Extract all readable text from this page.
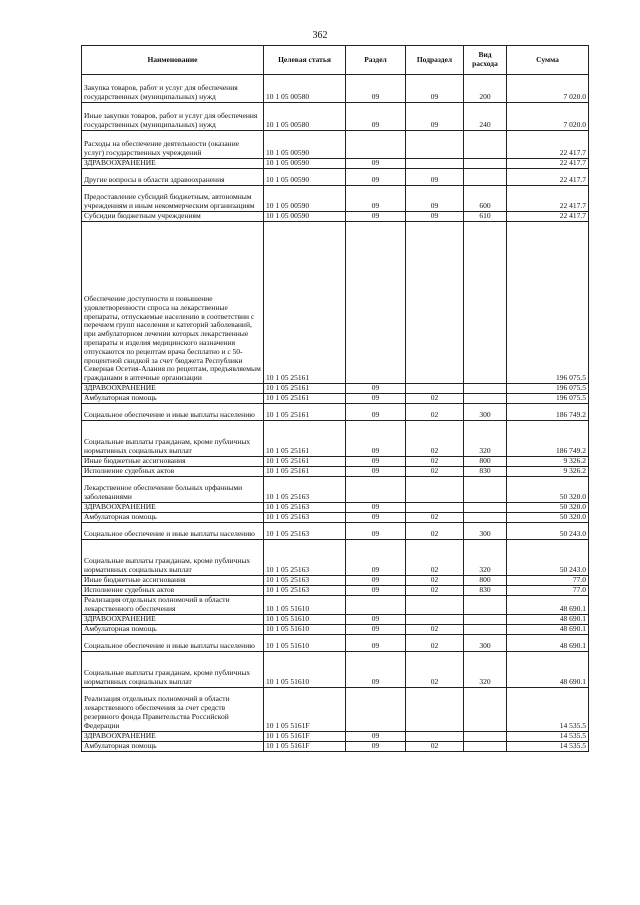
362
Наименование	Целевая статья	Раздел	Подраздел	Вид расхода	Сумма
Закупка товаров, работ и услуг для обеспечения государственных (муниципальных) нужд	10 1 05 00580	09	09	200	7 020.0
Иные закупки товаров, работ и услуг для обеспечения государственных (муниципальных) нужд	10 1 05 00580	09	09	240	7 020.0
Расходы на обеспечение деятельности (оказание услуг) государственных учреждений	10 1 05 00590				22 417.7
ЗДРАВООХРАНЕНИЕ	10 1 05 00590	09			22 417.7
Другие вопросы в области здравоохранения	10 1 05 00590	09	09		22 417.7
Предоставление субсидий бюджетным, автономным учреждениям и иным некоммерческим организациям	10 1 05 00590	09	09	600	22 417.7
Субсидии бюджетным учреждениям	10 1 05 00590	09	09	610	22 417.7
Обеспечение доступности и повышение удовлетворенности спроса на лекарственные препараты, отпускаемые населению в соответствии с перечнем групп населения и категорий заболеваний, при амбулаторном лечении которых лекарственные препараты и изделия медицинского назначения отпускаются по рецептам врача бесплатно и с 50-процентной скидкой за счет бюджета Республики Северная Осетия-Алания по рецептам, предъявляемым гражданами в аптечные организации	10 1 05 25161				196 075.5
ЗДРАВООХРАНЕНИЕ	10 1 05 25161	09			196 075.5
Амбулаторная помощь	10 1 05 25161	09	02		196 075.5
Социальное обеспечение и иные выплаты населению	10 1 05 25161	09	02	300	186 749.2
Социальные выплаты гражданам, кроме публичных нормативных социальных выплат	10 1 05 25161	09	02	320	186 749.2
Иные бюджетные ассигнования	10 1 05 25161	09	02	800	9 326.2
Исполнение судебных актов	10 1 05 25161	09	02	830	9 326.2
Лекарственное обеспечение больных орфанными заболеваниями	10 1 05 25163				50 320.0
ЗДРАВООХРАНЕНИЕ	10 1 05 25163	09			50 320.0
Амбулаторная помощь	10 1 05 25163	09	02		50 320.0
Социальное обеспечение и иные выплаты населению	10 1 05 25163	09	02	300	50 243.0
Социальные выплаты гражданам, кроме публичных нормативных социальных выплат	10 1 05 25163	09	02	320	50 243.0
Иные бюджетные ассигнования	10 1 05 25163	09	02	800	77.0
Исполнение судебных актов	10 1 05 25163	09	02	830	77.0
Реализация отдельных полномочий в области лекарственного обеспечения	10 1 05 51610				48 690.1
ЗДРАВООХРАНЕНИЕ	10 1 05 51610	09			48 690.1
Амбулаторная помощь	10 1 05 51610	09	02		48 690.1
Социальное обеспечение и иные выплаты населению	10 1 05 51610	09	02	300	48 690.1
Социальные выплаты гражданам, кроме публичных нормативных социальных выплат	10 1 05 51610	09	02	320	48 690.1
Реализация отдельных полномочий в области лекарственного обеспечения за счет средств резервного фонда Правительства Российской Федерации	10 1 05 5161F				14 535.5
ЗДРАВООХРАНЕНИЕ	10 1 05 5161F	09			14 535.5
Амбулаторная помощь	10 1 05 5161F	09	02		14 535.5
